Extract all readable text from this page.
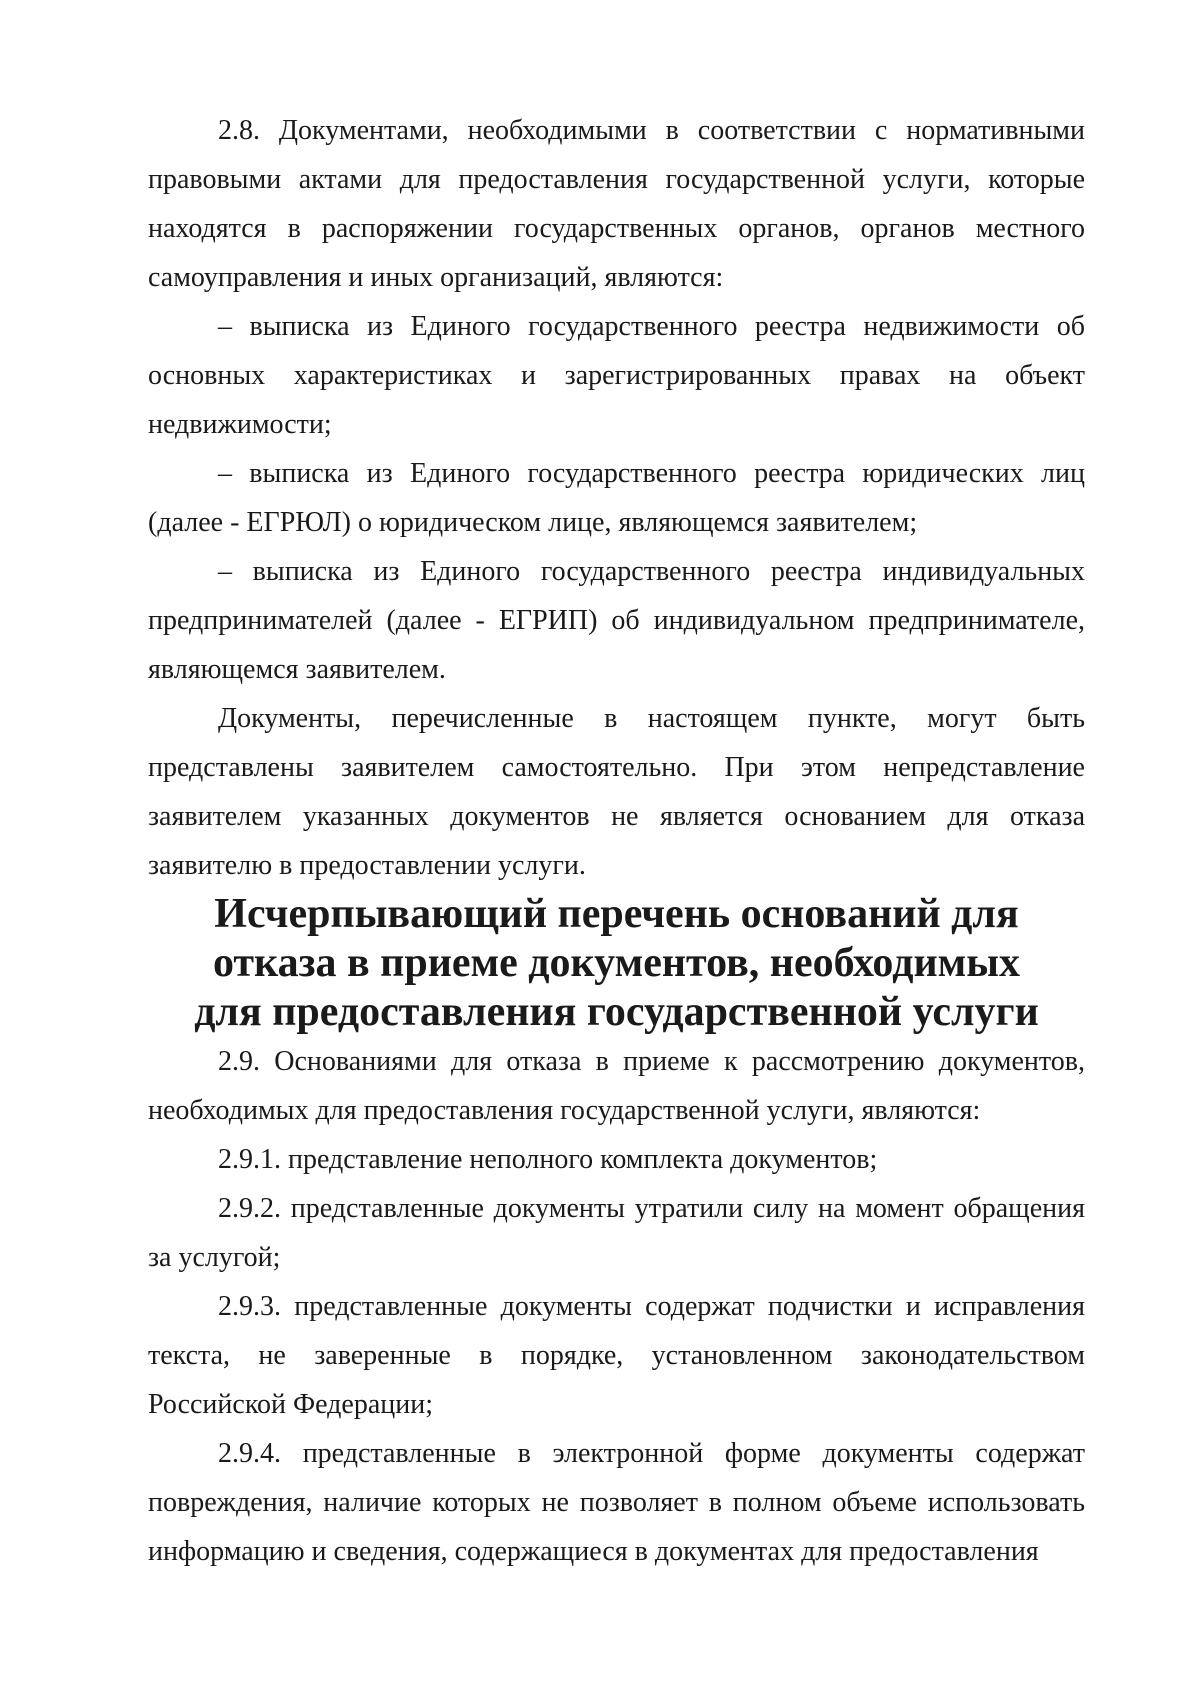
2.8. Документами, необходимыми в соответствии с нормативными правовыми актами для предоставления государственной услуги, которые находятся в распоряжении государственных органов, органов местного самоуправления и иных организаций, являются:

– выписка из Единого государственного реестра недвижимости об основных характеристиках и зарегистрированных правах на объект недвижимости;

– выписка из Единого государственного реестра юридических лиц (далее - ЕГРЮЛ) о юридическом лице, являющемся заявителем;

– выписка из Единого государственного реестра индивидуальных предпринимателей (далее - ЕГРИП) об индивидуальном предпринимателе, являющемся заявителем.

Документы, перечисленные в настоящем пункте, могут быть представлены заявителем самостоятельно. При этом непредставление заявителем указанных документов не является основанием для отказа заявителю в предоставлении услуги.

Исчерпывающий перечень оснований для отказа в приеме документов, необходимых для предоставления государственной услуги

2.9. Основаниями для отказа в приеме к рассмотрению документов, необходимых для предоставления государственной услуги, являются:

2.9.1. представление неполного комплекта документов;

2.9.2. представленные документы утратили силу на момент обращения за услугой;

2.9.3. представленные документы содержат подчистки и исправления текста, не заверенные в порядке, установленном законодательством Российской Федерации;

2.9.4. представленные в электронной форме документы содержат повреждения, наличие которых не позволяет в полном объеме использовать информацию и сведения, содержащиеся в документах для предоставления
